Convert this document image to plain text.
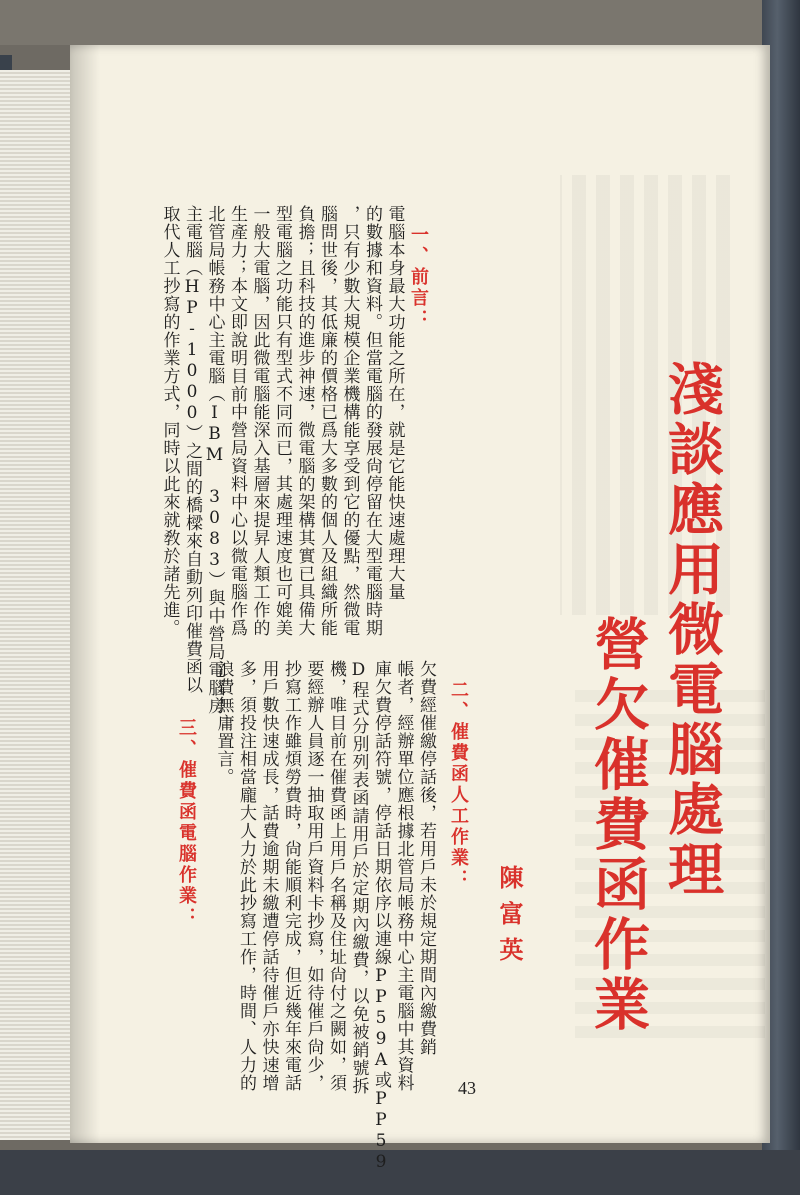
淺談應用微電腦處理
營欠催費函作業
陳富英
一、前言：
電腦本身最大功能之所在，就是它能快速處理大量
的數據和資料。但當電腦的發展尙停留在大型電腦時期
，只有少數大規模企業機構能享受到它的優點，然微電
腦問世後，其低廉的價格已爲大多數的個人及組織所能
負擔；且科技的進步神速，微電腦的架構其實已具備大
型電腦之功能只有型式不同而已，其處理速度也可媲美
一般大電腦，因此微電腦能深入基層來提昇人類工作的
生產力；本文即說明目前中營局資料中心以微電腦作爲
北管局帳務中心主電腦（IBM 3083）與中營局電腦房
主電腦（HP-1000）之間的橋樑來自動列印催費函以
取代人工抄寫的作業方式，同時以此來就敎於諸先進。
二、催費函人工作業：
欠費經催繳停話後，若用戶未於規定期間內繳費銷
帳者，經辦單位應根據北管局帳務中心主電腦中其資料
庫欠費停話符號，停話日期依序以連線PP59A或PP59
D程式分別列表函請用戶於定期內繳費，以免被銷號拆
機，唯目前在催費函上用戶名稱及住址尙付之闕如，須
要經辦人員逐一抽取用戶資料卡抄寫，如待催戶尙少，
抄寫工作雖煩勞費時，尙能順利完成，但近幾年來電話
用戶數快速成長，話費逾期未繳遭停話待催戶亦快速增
多，須投注相當龐大人力於此抄寫工作，時間、人力的
浪費無庸置言。
三、催費函電腦作業：
43
